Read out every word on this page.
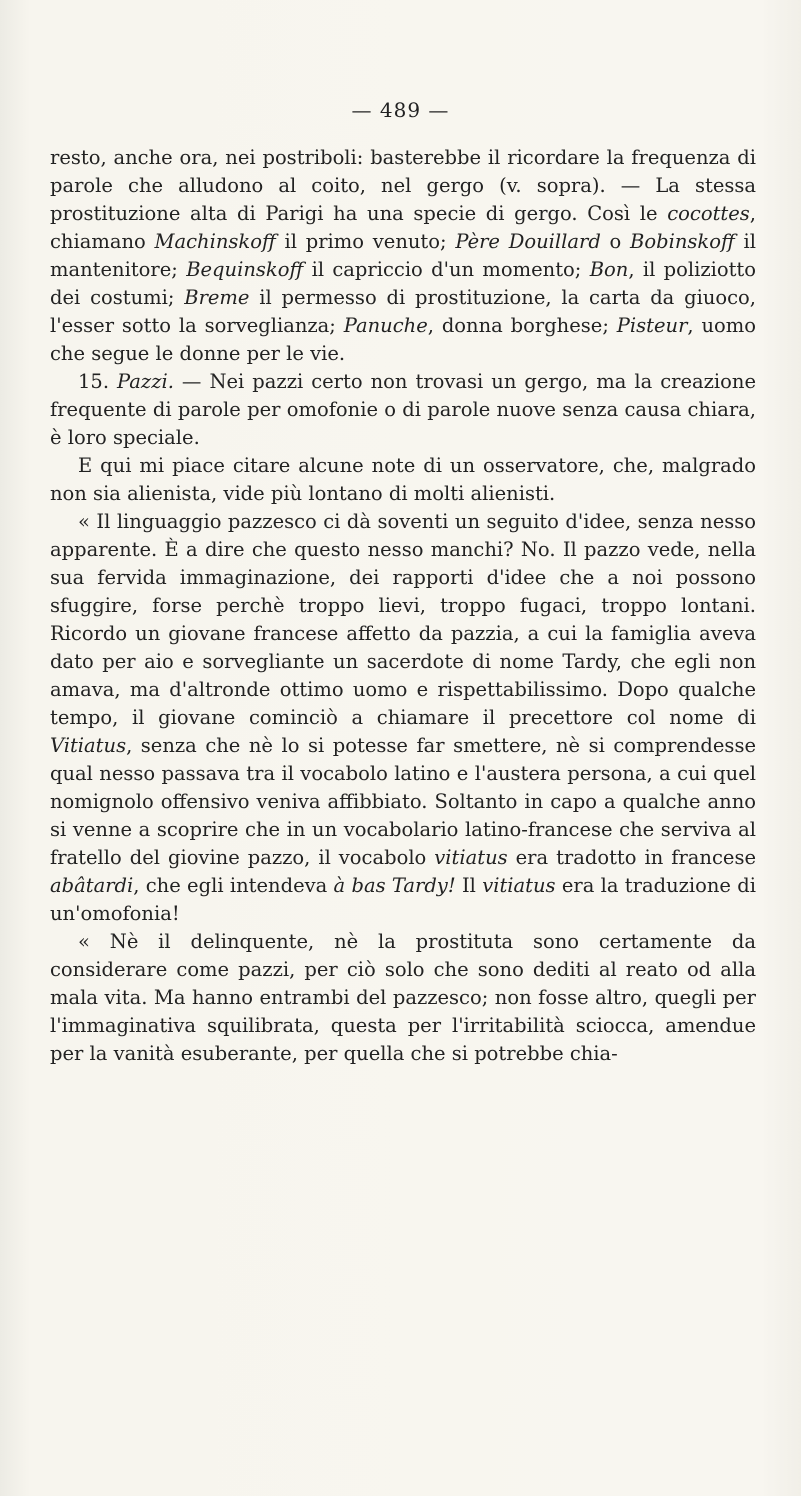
— 489 —

resto, anche ora, nei postriboli: basterebbe il ricordare la frequenza di parole che alludono al coito, nel gergo (v. sopra). — La stessa prostituzione alta di Parigi ha una specie di gergo. Così le cocottes, chiamano Machinskoff il primo venuto; Père Douillard o Bobinskoff il mantenitore; Bequinskoff il capriccio d'un momento; Bon, il poliziotto dei costumi; Breme il permesso di prostituzione, la carta da giuoco, l'esser sotto la sorveglianza; Panuche, donna borghese; Pisteur, uomo che segue le donne per le vie.

15. Pazzi. — Nei pazzi certo non trovasi un gergo, ma la creazione frequente di parole per omofonie o di parole nuove senza causa chiara, è loro speciale.

E qui mi piace citare alcune note di un osservatore, che, malgrado non sia alienista, vide più lontano di molti alienisti.

« Il linguaggio pazzesco ci dà soventi un seguito d'idee, senza nesso apparente. È a dire che questo nesso manchi? No. Il pazzo vede, nella sua fervida immaginazione, dei rapporti d'idee che a noi possono sfuggire, forse perchè troppo lievi, troppo fugaci, troppo lontani. Ricordo un giovane francese affetto da pazzia, a cui la famiglia aveva dato per aio e sorvegliante un sacerdote di nome Tardy, che egli non amava, ma d'altronde ottimo uomo e rispettabilissimo. Dopo qualche tempo, il giovane cominciò a chiamare il precettore col nome di Vitiatus, senza che nè lo si potesse far smettere, nè si comprendesse qual nesso passava tra il vocabolo latino e l'austera persona, a cui quel nomignolo offensivo veniva affibbiato. Soltanto in capo a qualche anno si venne a scoprire che in un vocabolario latino-francese che serviva al fratello del giovine pazzo, il vocabolo vitiatus era tradotto in francese abâtardi, che egli intendeva à bas Tardy! Il vitiatus era la traduzione di un'omofonia!

« Nè il delinquente, nè la prostituta sono certamente da considerare come pazzi, per ciò solo che sono dediti al reato od alla mala vita. Ma hanno entrambi del pazzesco; non fosse altro, quegli per l'immaginativa squilibrata, questa per l'irritabilità sciocca, amendue per la vanità esuberante, per quella che si potrebbe chia-
